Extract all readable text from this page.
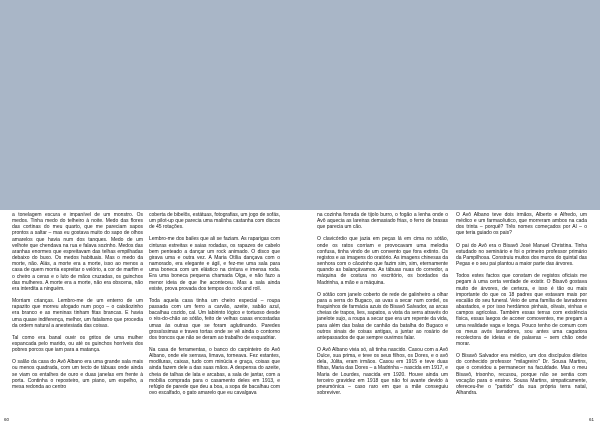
a tonelagem escura e impanível de um monstro. Os medos. Tinha medo do telheiro à noite. Medo das flores das cortinas do meu quarto, que me pareciam sapos prontos a saltar – mas eu gostava muito do sapo de olhos amarelos que havia num dos tanques. Medo de um velhote que chendava na rua e falava sozinho. Medos das aranhas enormes que espreitavam das telhas empilhadas debaixo do buxo. Os medos habituais. Mas o medo da morte, não. Alás, a morte era a morte, isso ao menos a casa de quem morria espreitar o velório, a cor de marfim e o cheiro a ceras e o luto de mãos cruzadas, os guinchos das mulheres. A morte era a morte, não era obscena, não era interdita a ninguém.

Morriam crianças. Lembro-me de um enterro de um rapazito que morreu afogado num poço – o caixãozinho era branco e as meninas tinham fitas brancas. E havia uma quase indiferença, melhor, um fatalismo que procedia da ordem natural a anestesiada das coisas.

Tal como era banal ouvir os gritos de uma mulher espancada pelo marido, ou até os guinchos horríveis dos pobres porcos que iam para a matança.

O salão da casa do Avô Albano era uma grande sala mais ou menos quadrada, com um tecto de tábuas onde ainda se viam os entalhes de ouro e duas janelas em frente à porta. Continha o reposteiro, um piano, um espelho, a mesa redonda ao centro

coberta de bibelôs, estátuas, fotografias, um jogo de sofás, um pilot-up que parecia uma malinha castanha com discos de 45 rotações.

Lembro-me dos bailes que ali se faziam. As raparigas com cinturas estreitas e saias rodadas, os rapazes de cabelo bem penteado a dançar um rock animado. O disco que girava uma e outra vez. A Maria Otília dançava com o namorado, era elegante e ágil, e fez-me uma sala para uma boneca com um elástico na cintura e imensa roda. Era uma boneca pequena chamada Olga, e não fazo a menor ideia de que lhe aconteceu. Mas a sala ainda existe, prova provada dos tempos do rock and roll.

Toda aquela casa tinha um cheiro especial – roupa passada com um ferro a carvão, azeite, sabão azul, bacalhau cozido, cal. Um labirinto lógico e tortuoso desde o rés-do-chão ao sótão, feito de velhas casas encostadas umas às outras que se foram aglutinando. Paredes grossíssimas e traves tortas onde se vê ainda o contorno dos troncos que não se deram ao trabalho de esquadriar.

Na casa de ferramentas, o banco do carpinteiro do Avô Albano, onde ele serrava, limava, torneava. Fez estantes, modiluras, caixas, tudo com minúcia e graça, coisas que ainda fazem dele a das suas mãos. A despensa do azeite, cheia de talhas de lata e arcabas, a sala de jantar, com a mobília comprada para o casamento deles em 1913, e refúgio de parede que deu a boa, a sopa de bacalhau com ovo escalfado, o gato amarelo que eu cavalgava

na cozinha forrada de tijolo burro, o fogão a lenha onde o Avô aquecia as lareiras demasiado frias, o ferro de brasas que parecia um cão.

O clavicórdio que jazia em peças lá em cima no sótão, onde os ratos corriam e provocavam uma melodia confusa, tinha vindo de um convento que fora extinto. Os registos e as imagens do oratório. As imagens chinesas da senhora com o câozinho que fazim sim, sim, eternamente quando as balançávamos. As tábuas nuas do corredor, a máquina de costura no escritório, os bordados da Madrinha, a mão e a máquina.

O sótão com janelo coberto de rede de galinheiro a olhar para a serra do Bugaco, as uvas a secar num cordel, os fraquinhos de farmácia azuis do Bisavô Salvador, as arcas cheias de trapos, lies, sapatos, a vista da serra através do janelote sujo, a roupa a secar que era um repente da vida, para além das balas de canhão da batalha do Bugaco e outros sinais de coisas antigas, a juntar ao rosário de antepassados de que sempre ouvimos falar.

O Avô Albano vivia só, ali tinha nascido. Casou com a Avô Dulce, sua prima, e teve os seus filhos, os Dores, e o avô dela, Júlita, eram irmãos. Casou em 1915 e teve duas filhas, Maria das Dores – a Madrinha – nascida em 1917, e Maria de Lourdes, nascida em 1920. Houve ainda um terceiro gravidez em 1918 que não foi avante devido à pneumónica – caso raro em que a mãe conseguiu sobreviver.

O Avô Albano teve dois irmãos, Alberto e Alfredo, um médico e um farmacêutico, que morreram ambos na cada dos trinta – porquê? Três nomes começados por Al – o que teria guiado os pais?

O pai do Avô era o Bisavô José Manuel Christina. Tinha estudado no seminário e foi o primeiro professor primário da Pampilhosa. Construiu muitos dos muros do quintal das Pegas e o seu pai plantou a maior parte das árvores.

Todos estes factos que constam de registos oficiais me pegam à uma certa verdade de existir. O Bisavô gostava muito de árvores, de certeza, e isso é tão ou mais importante do que os 18 padres que estavam mais por escalão do seu funeral. Veio de uma família de lavradores abastados, e por isso herdámos pinhais, olivais, vinhas e campos agrícolas. Também essas terras com existência física, essas laegos de aconer comoventes, me pregam a uma realidade vaga e longa. Pouco tenho de comum com os meus avós lavradores, sou antes uma cagadora recolectora de ideias e de palavras – sem chão onde morar.

O Bisavô Salvador era médico, um dos discípulos diletos do conhecido professor "milagreiro" Dr. Sousa Martins, que o convidou a permanecer na faculdade. Mas o meu Bisavô, trisonho, recusou, porque não se sentia com vocação para o ensino. Sousa Martins, simpaticamente, ofereceu-lhe o "partido" da sua própria terra natal, Alhandra.

60	61
